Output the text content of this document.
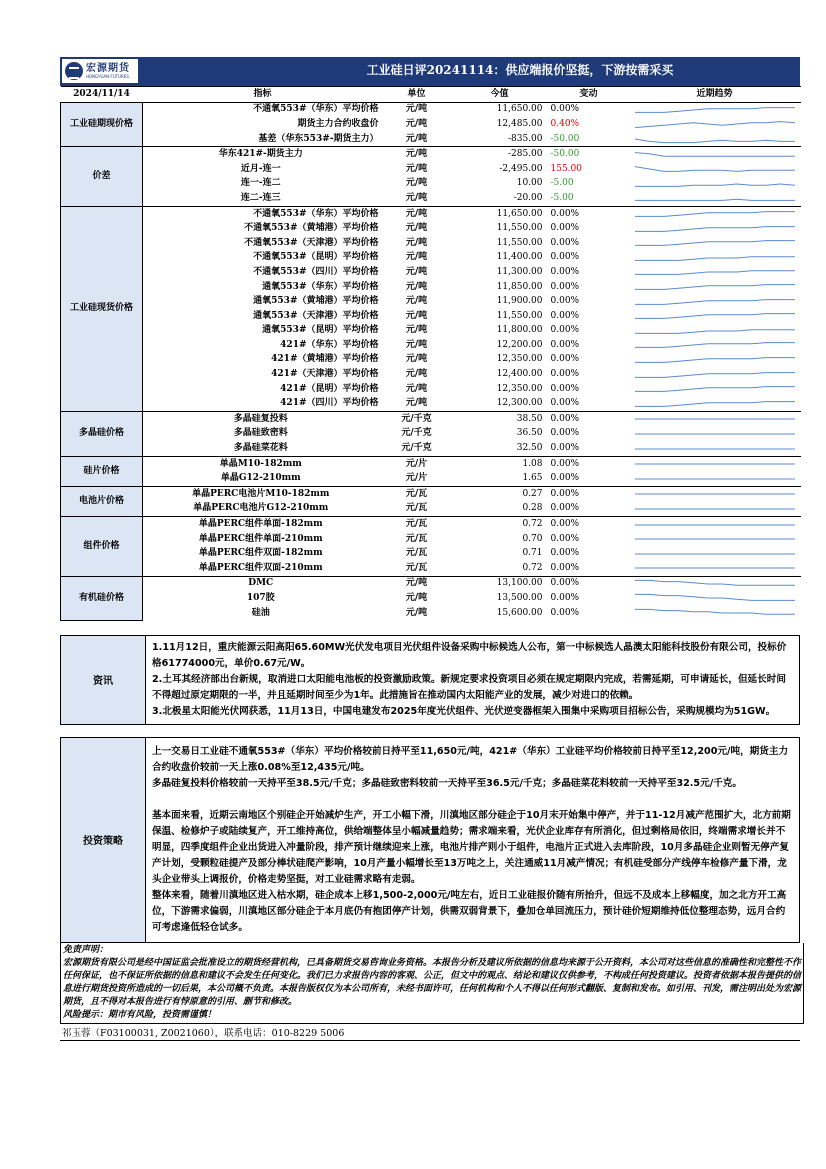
宏源期货
HONGYUAN FUTURES	工业硅日评20241114：供应端报价坚挺，下游按需采买
2024/11/14	指标	单位	今值	变动	近期趋势
工业硅期现价格	不通氧553#（华东）平均价格	元/吨	11,650.00	0.00%	

	期货主力合约收盘价	元/吨	12,485.00	0.40%	

	基差（华东553#-期货主力）	元/吨	-835.00	-50.00	

价差	华东421#-期货主力	元/吨	-285.00	-50.00	

	近月-连一	元/吨	-2,495.00	155.00	

	连一-连二	元/吨	10.00	-5.00	

	连二-连三	元/吨	-20.00	-5.00	

工业硅现货价格	不通氧553#（华东）平均价格	元/吨	11,650.00	0.00%	

	不通氧553#（黄埔港）平均价格	元/吨	11,550.00	0.00%	

	不通氧553#（天津港）平均价格	元/吨	11,550.00	0.00%	

	不通氧553#（昆明）平均价格	元/吨	11,400.00	0.00%	

	不通氧553#（四川）平均价格	元/吨	11,300.00	0.00%	

	通氧553#（华东）平均价格	元/吨	11,850.00	0.00%	

	通氧553#（黄埔港）平均价格	元/吨	11,900.00	0.00%	

	通氧553#（天津港）平均价格	元/吨	11,550.00	0.00%	

	通氧553#（昆明）平均价格	元/吨	11,800.00	0.00%	

	421#（华东）平均价格	元/吨	12,200.00	0.00%	

	421#（黄埔港）平均价格	元/吨	12,350.00	0.00%	

	421#（天津港）平均价格	元/吨	12,400.00	0.00%	

	421#（昆明）平均价格	元/吨	12,350.00	0.00%	

	421#（四川）平均价格	元/吨	12,300.00	0.00%	

多晶硅价格	多晶硅复投料	元/千克	38.50	0.00%	

	多晶硅致密料	元/千克	36.50	0.00%	

	多晶硅菜花料	元/千克	32.50	0.00%	

硅片价格	单晶M10-182mm	元/片	1.08	0.00%	

	单晶G12-210mm	元/片	1.65	0.00%	

电池片价格	单晶PERC电池片M10-182mm	元/瓦	0.27	0.00%	

	单晶PERC电池片G12-210mm	元/瓦	0.28	0.00%	

组件价格	单晶PERC组件单面-182mm	元/瓦	0.72	0.00%	

	单晶PERC组件单面-210mm	元/瓦	0.70	0.00%	

	单晶PERC组件双面-182mm	元/瓦	0.71	0.00%	

	单晶PERC组件双面-210mm	元/瓦	0.72	0.00%	

有机硅价格	DMC	元/吨	13,100.00	0.00%	

	107胶	元/吨	13,500.00	0.00%	

	硅油	元/吨	15,600.00	0.00%	
资讯	

1.11月12日，重庆能源云阳高阳65.60MW光伏发电项目光伏组件设备采购中标候选人公布，第一中标候选人晶澳太阳能科技股份有限公司，投标价格61774000元，单价0.67元/W。

2.土耳其经济部出台新规，取消进口太阳能电池板的投资激励政策。新规定要求投资项目必须在规定期限内完成，若需延期，可申请延长，但延长时间不得超过原定期限的一半，并且延期时间至少为1年。此措施旨在推动国内太阳能产业的发展，减少对进口的依赖。

3.北极星太阳能光伏网获悉，11月13日，中国电建发布2025年度光伏组件、光伏逆变器框架入围集中采购项目招标公告，采购规模均为51GW。

投资策略	

上一交易日工业硅不通氧553#（华东）平均价格较前日持平至11,650元/吨，421#（华东）工业硅平均价格较前日持平至12,200元/吨，期货主力合约收盘价较前一天上涨0.08%至12,435元/吨。

多晶硅复投料价格较前一天持平至38.5元/千克；多晶硅致密料较前一天持平至36.5元/千克；多晶硅菜花料较前一天持平至32.5元/千克。

基本面来看，近期云南地区个别硅企开始减炉生产，开工小幅下滑，川滇地区部分硅企于10月末开始集中停产，并于11-12月减产范围扩大，北方前期保温、检修炉子或陆续复产，开工维持高位，供给端整体呈小幅减量趋势；需求端来看，光伏企业库存有所消化，但过剩格局依旧，终端需求增长并不明显，四季度组件企业出货进入冲量阶段，排产预计继续迎来上涨，电池片排产则小于组件，电池片正式进入去库阶段，10月多晶硅企业则暂无停产复产计划，受颗粒硅提产及部分棒状硅爬产影响，10月产量小幅增长至13万吨之上，关注通威11月减产情况；有机硅受部分产线停车检修产量下滑，龙头企业带头上调报价，价格走势坚挺，对工业硅需求略有走弱。

整体来看，随着川滇地区进入枯水期，硅企成本上移1,500-2,000元/吨左右，近日工业硅报价随有所抬升，但远不及成本上移幅度，加之北方开工高位，下游需求偏弱，川滇地区部分硅企于本月底仍有抱团停产计划，供需双弱背景下，叠加仓单回流压力，预计硅价短期维持低位整理态势，远月合约可考虑逢低轻仓试多。

免责声明：

宏源期货有限公司是经中国证监会批准设立的期货经营机构，已具备期货交易咨询业务资格。本报告分析及建议所依据的信息均来源于公开资料，本公司对这些信息的准确性和完整性不作任何保证，也不保证所依据的信息和建议不会发生任何变化。我们已力求报告内容的客观、公正，但文中的观点、结论和建议仅供参考，不构成任何投资建议。投资者依据本报告提供的信息进行期货投资所造成的一切后果，本公司概不负责。本报告版权仅为本公司所有，未经书面许可，任何机构和个人不得以任何形式翻版、复制和发布。如引用、刊发，需注明出处为宏源期货，且不得对本报告进行有悖原意的引用、删节和修改。

风险提示：期市有风险，投资需谨慎！

祁玉蓉（F03100031, Z0021060），联系电话：010-8229 5006
